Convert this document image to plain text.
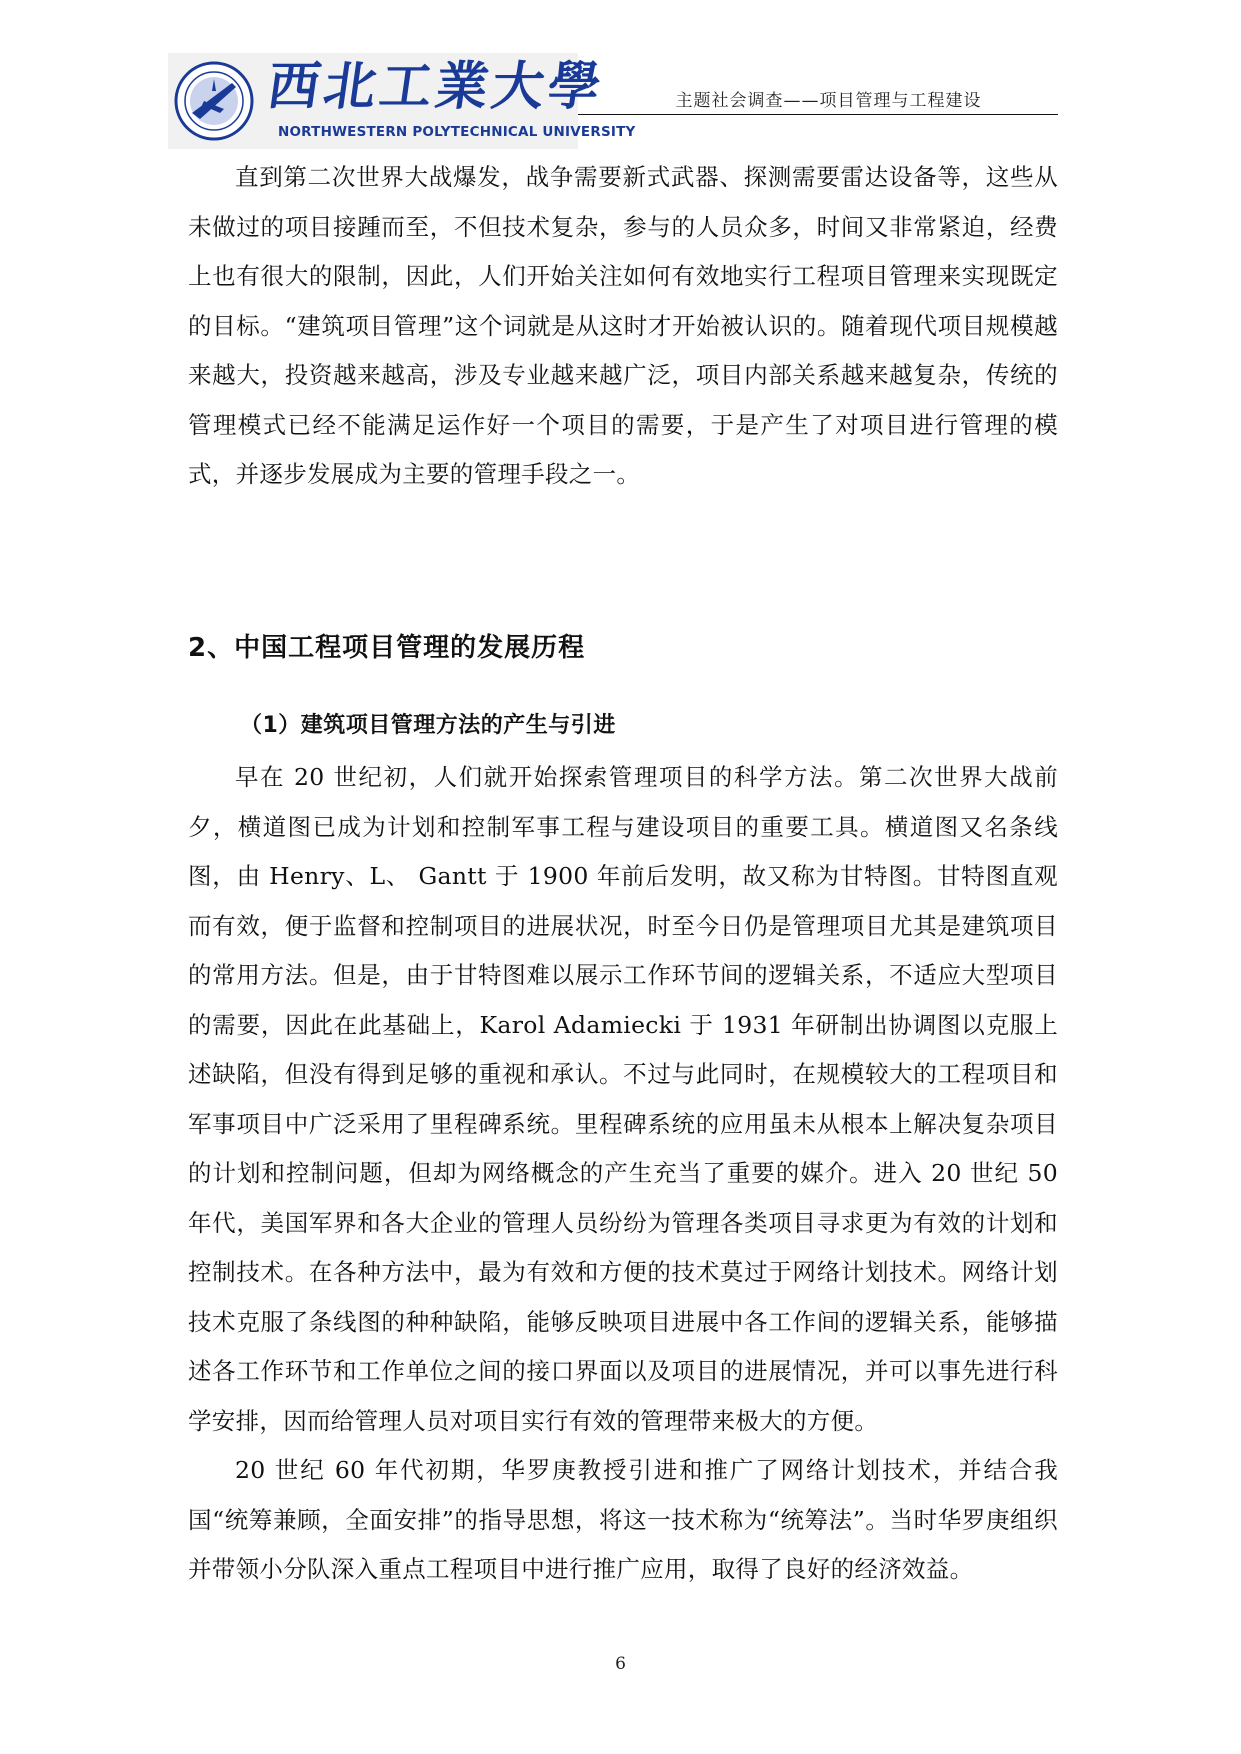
西北工業大學
NORTHWESTERN POLYTECHNICAL UNIVERSITY
主题社会调查——项目管理与工程建设

直到第二次世界大战爆发，战争需要新式武器、探测需要雷达设备等，这些从未做过的项目接踵而至，不但技术复杂，参与的人员众多，时间又非常紧迫，经费上也有很大的限制，因此，人们开始关注如何有效地实行工程项目管理来实现既定的目标。“建筑项目管理”这个词就是从这时才开始被认识的。随着现代项目规模越来越大，投资越来越高，涉及专业越来越广泛，项目内部关系越来越复杂，传统的管理模式已经不能满足运作好一个项目的需要，于是产生了对项目进行管理的模式，并逐步发展成为主要的管理手段之一。

2、中国工程项目管理的发展历程
（1）建筑项目管理方法的产生与引进

早在 20 世纪初，人们就开始探索管理项目的科学方法。第二次世界大战前夕，横道图已成为计划和控制军事工程与建设项目的重要工具。横道图又名条线图，由 Henry、L、 Gantt 于 1900 年前后发明，故又称为甘特图。甘特图直观而有效，便于监督和控制项目的进展状况，时至今日仍是管理项目尤其是建筑项目的常用方法。但是，由于甘特图难以展示工作环节间的逻辑关系，不适应大型项目的需要，因此在此基础上，Karol Adamiecki 于 1931 年研制出协调图以克服上述缺陷，但没有得到足够的重视和承认。不过与此同时，在规模较大的工程项目和军事项目中广泛采用了里程碑系统。里程碑系统的应用虽未从根本上解决复杂项目的计划和控制问题，但却为网络概念的产生充当了重要的媒介。进入 20 世纪 50 年代，美国军界和各大企业的管理人员纷纷为管理各类项目寻求更为有效的计划和控制技术。在各种方法中，最为有效和方便的技术莫过于网络计划技术。网络计划技术克服了条线图的种种缺陷，能够反映项目进展中各工作间的逻辑关系，能够描述各工作环节和工作单位之间的接口界面以及项目的进展情况，并可以事先进行科学安排，因而给管理人员对项目实行有效的管理带来极大的方便。

20 世纪 60 年代初期，华罗庚教授引进和推广了网络计划技术，并结合我国“统筹兼顾，全面安排”的指导思想，将这一技术称为“统筹法”。当时华罗庚组织并带领小分队深入重点工程项目中进行推广应用，取得了良好的经济效益。

6
